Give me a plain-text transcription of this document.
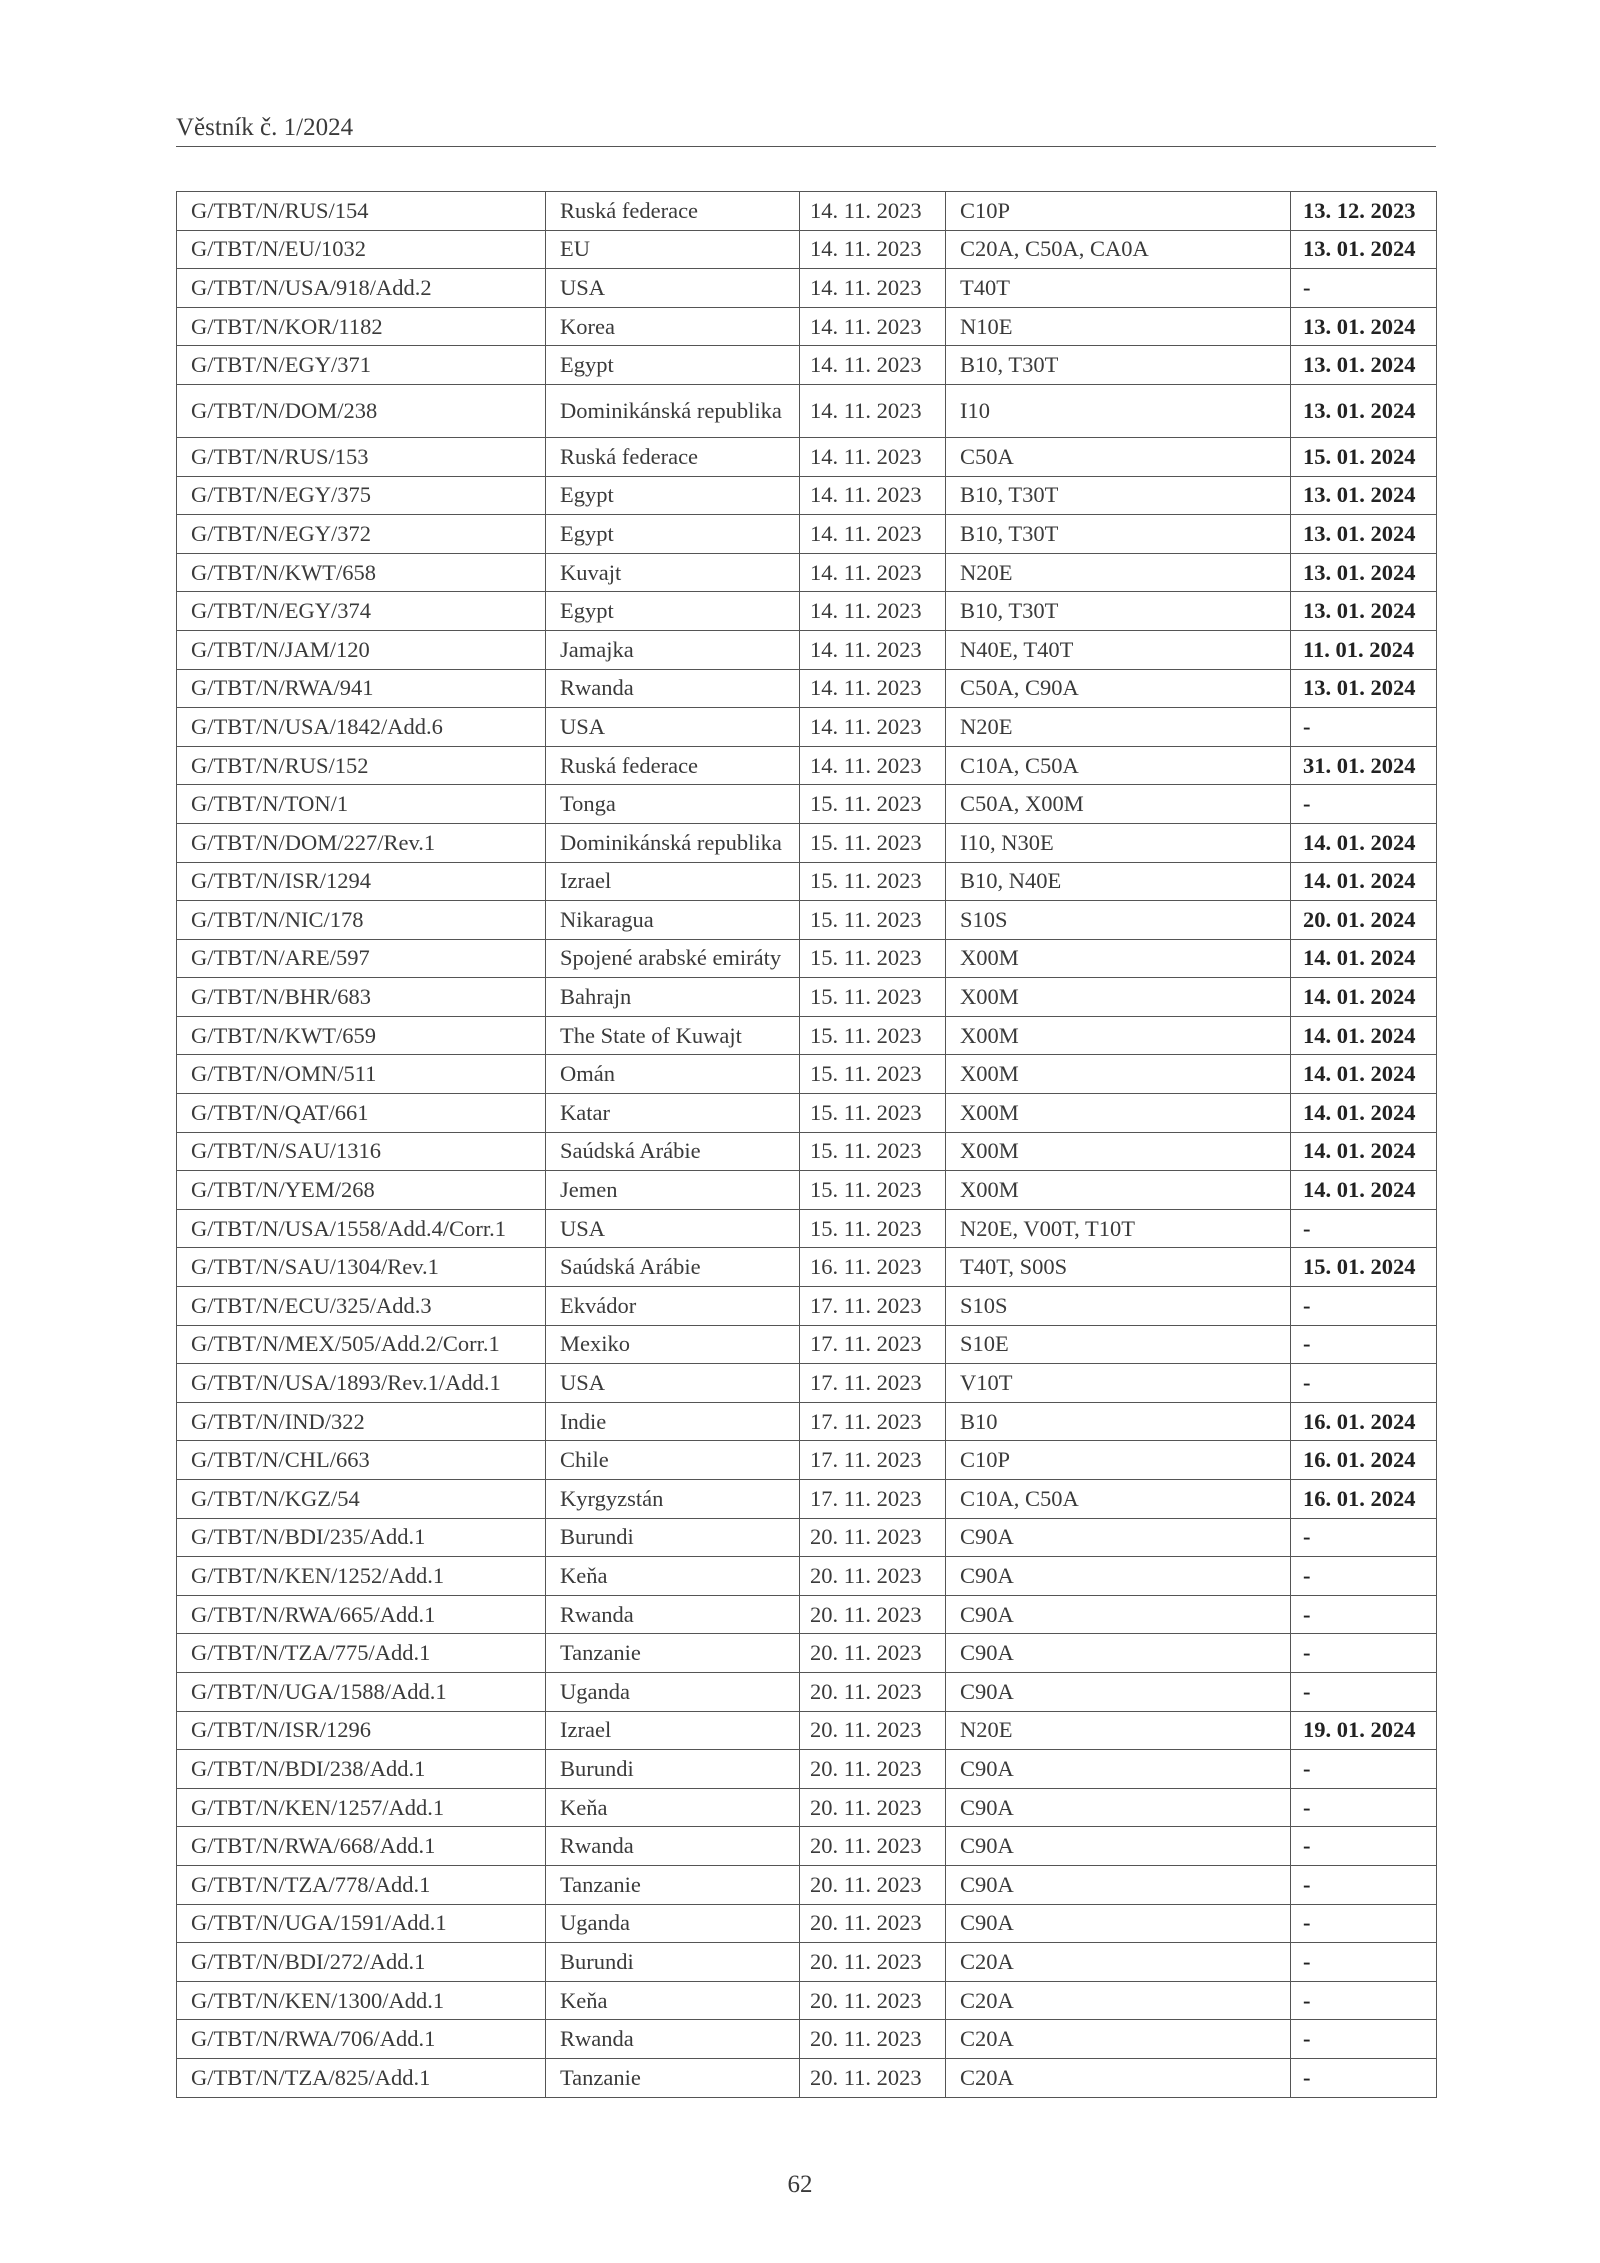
Věstník č. 1/2024
G/TBT/N/RUS/154	Ruská federace	14. 11. 2023	C10P	13. 12. 2023
G/TBT/N/EU/1032	EU	14. 11. 2023	C20A, C50A, CA0A	13. 01. 2024
G/TBT/N/USA/918/Add.2	USA	14. 11. 2023	T40T	-
G/TBT/N/KOR/1182	Korea	14. 11. 2023	N10E	13. 01. 2024
G/TBT/N/EGY/371	Egypt	14. 11. 2023	B10, T30T	13. 01. 2024
G/TBT/N/DOM/238	Dominikánská republika	14. 11. 2023	I10	13. 01. 2024
G/TBT/N/RUS/153	Ruská federace	14. 11. 2023	C50A	15. 01. 2024
G/TBT/N/EGY/375	Egypt	14. 11. 2023	B10, T30T	13. 01. 2024
G/TBT/N/EGY/372	Egypt	14. 11. 2023	B10, T30T	13. 01. 2024
G/TBT/N/KWT/658	Kuvajt	14. 11. 2023	N20E	13. 01. 2024
G/TBT/N/EGY/374	Egypt	14. 11. 2023	B10, T30T	13. 01. 2024
G/TBT/N/JAM/120	Jamajka	14. 11. 2023	N40E, T40T	11. 01. 2024
G/TBT/N/RWA/941	Rwanda	14. 11. 2023	C50A, C90A	13. 01. 2024
G/TBT/N/USA/1842/Add.6	USA	14. 11. 2023	N20E	-
G/TBT/N/RUS/152	Ruská federace	14. 11. 2023	C10A, C50A	31. 01. 2024
G/TBT/N/TON/1	Tonga	15. 11. 2023	C50A, X00M	-
G/TBT/N/DOM/227/Rev.1	Dominikánská republika	15. 11. 2023	I10, N30E	14. 01. 2024
G/TBT/N/ISR/1294	Izrael	15. 11. 2023	B10, N40E	14. 01. 2024
G/TBT/N/NIC/178	Nikaragua	15. 11. 2023	S10S	20. 01. 2024
G/TBT/N/ARE/597	Spojené arabské emiráty	15. 11. 2023	X00M	14. 01. 2024
G/TBT/N/BHR/683	Bahrajn	15. 11. 2023	X00M	14. 01. 2024
G/TBT/N/KWT/659	The State of Kuwajt	15. 11. 2023	X00M	14. 01. 2024
G/TBT/N/OMN/511	Omán	15. 11. 2023	X00M	14. 01. 2024
G/TBT/N/QAT/661	Katar	15. 11. 2023	X00M	14. 01. 2024
G/TBT/N/SAU/1316	Saúdská Arábie	15. 11. 2023	X00M	14. 01. 2024
G/TBT/N/YEM/268	Jemen	15. 11. 2023	X00M	14. 01. 2024
G/TBT/N/USA/1558/Add.4/Corr.1	USA	15. 11. 2023	N20E, V00T, T10T	-
G/TBT/N/SAU/1304/Rev.1	Saúdská Arábie	16. 11. 2023	T40T, S00S	15. 01. 2024
G/TBT/N/ECU/325/Add.3	Ekvádor	17. 11. 2023	S10S	-
G/TBT/N/MEX/505/Add.2/Corr.1	Mexiko	17. 11. 2023	S10E	-
G/TBT/N/USA/1893/Rev.1/Add.1	USA	17. 11. 2023	V10T	-
G/TBT/N/IND/322	Indie	17. 11. 2023	B10	16. 01. 2024
G/TBT/N/CHL/663	Chile	17. 11. 2023	C10P	16. 01. 2024
G/TBT/N/KGZ/54	Kyrgyzstán	17. 11. 2023	C10A, C50A	16. 01. 2024
G/TBT/N/BDI/235/Add.1	Burundi	20. 11. 2023	C90A	-
G/TBT/N/KEN/1252/Add.1	Keňa	20. 11. 2023	C90A	-
G/TBT/N/RWA/665/Add.1	Rwanda	20. 11. 2023	C90A	-
G/TBT/N/TZA/775/Add.1	Tanzanie	20. 11. 2023	C90A	-
G/TBT/N/UGA/1588/Add.1	Uganda	20. 11. 2023	C90A	-
G/TBT/N/ISR/1296	Izrael	20. 11. 2023	N20E	19. 01. 2024
G/TBT/N/BDI/238/Add.1	Burundi	20. 11. 2023	C90A	-
G/TBT/N/KEN/1257/Add.1	Keňa	20. 11. 2023	C90A	-
G/TBT/N/RWA/668/Add.1	Rwanda	20. 11. 2023	C90A	-
G/TBT/N/TZA/778/Add.1	Tanzanie	20. 11. 2023	C90A	-
G/TBT/N/UGA/1591/Add.1	Uganda	20. 11. 2023	C90A	-
G/TBT/N/BDI/272/Add.1	Burundi	20. 11. 2023	C20A	-
G/TBT/N/KEN/1300/Add.1	Keňa	20. 11. 2023	C20A	-
G/TBT/N/RWA/706/Add.1	Rwanda	20. 11. 2023	C20A	-
G/TBT/N/TZA/825/Add.1	Tanzanie	20. 11. 2023	C20A	-
62
